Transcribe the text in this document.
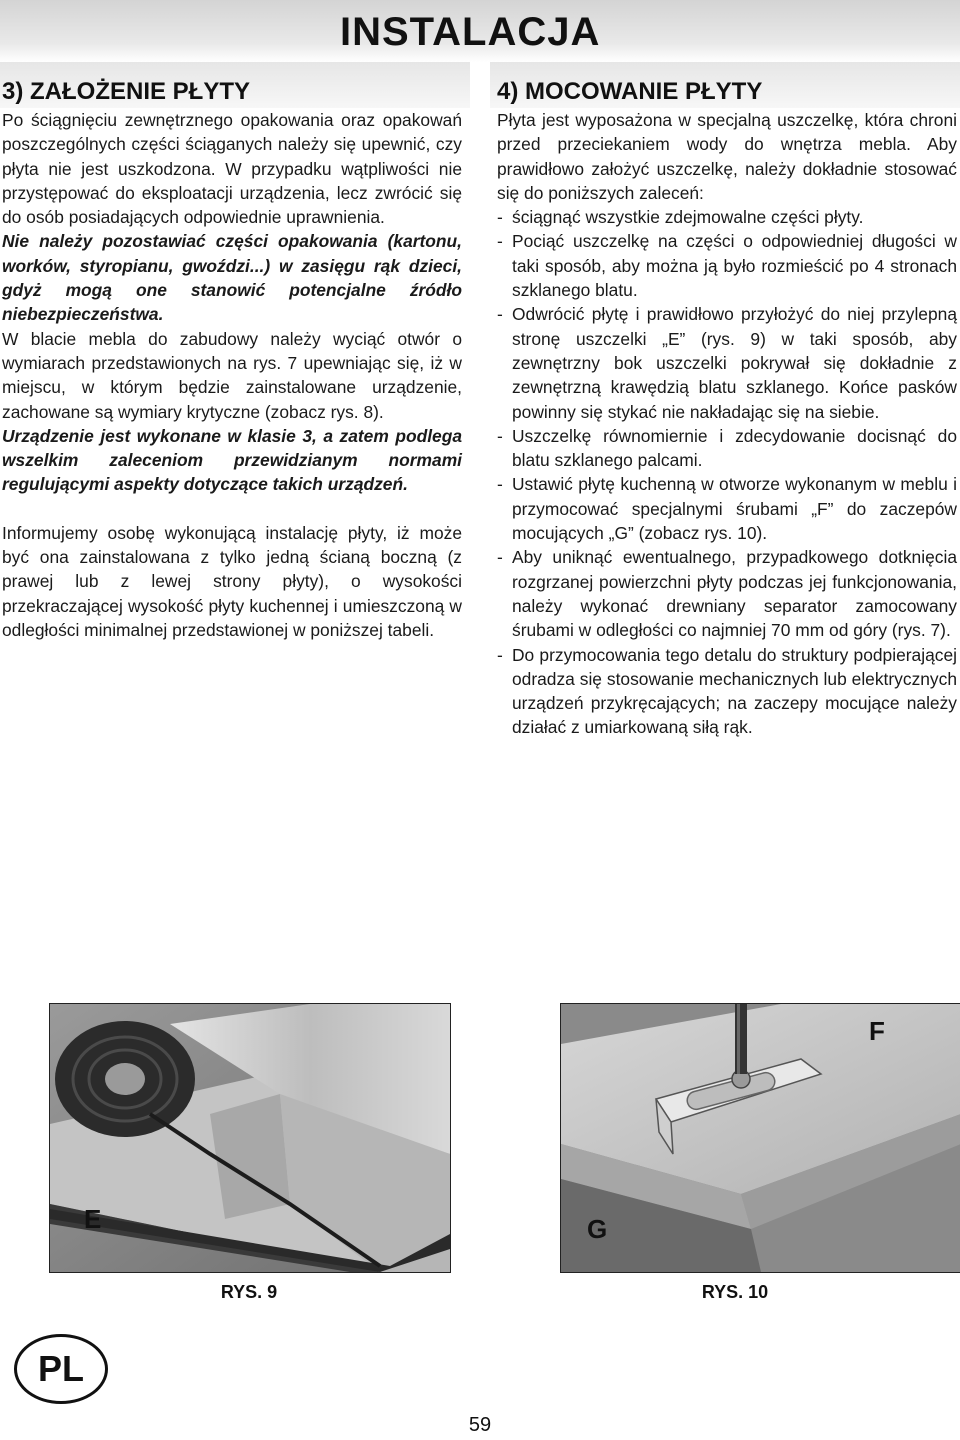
INSTALACJA
3) ZAŁOŻENIE PŁYTY	4) MOCOWANIE PŁYTY

Po ściągnięciu zewnętrznego opakowania oraz opakowań poszczególnych części ściąganych należy się upewnić, czy płyta nie jest uszkodzona. W przypadku wątpliwości nie przystępować do eksploatacji urządzenia, lecz zwrócić się do osób posiadających odpowiednie uprawnienia.

Nie należy pozostawiać części opakowania (kartonu, worków, styropianu, gwoździ...) w zasięgu rąk dzieci, gdyż mogą one stanowić potencjalne źródło niebezpieczeństwa.

W blacie mebla do zabudowy należy wyciąć otwór o wymiarach przedstawionych na rys. 7 upewniając się, iż w miejscu, w którym będzie zainstalowane urządzenie, zachowane są wymiary krytyczne (zobacz rys. 8).

Urządzenie jest wykonane w klasie 3, a zatem podlega wszelkim zaleceniom przewidzianym normami regulującymi aspekty dotyczące takich urządzeń.

Informujemy osobę wykonującą instalację płyty, iż może być ona zainstalowana z tylko jedną ścianą boczną (z prawej lub z lewej strony płyty), o wysokości przekraczającej wysokość płyty kuchennej i umieszczoną w odległości minimalnej przedstawionej w poniższej tabeli.

Płyta jest wyposażona w specjalną uszczelkę, która chroni przed przeciekaniem wody do wnętrza mebla. Aby prawidłowo założyć uszczelkę, należy dokładnie stosować się do poniższych zaleceń:

- ściągnąć wszystkie zdejmowalne części płyty.
- Pociąć uszczelkę na części o odpowiedniej długości w taki sposób, aby można ją było rozmieścić po 4 stronach szklanego blatu.
- Odwrócić płytę i prawidłowo przyłożyć do niej przylepną stronę uszczelki „E” (rys. 9) w taki sposób, aby zewnętrzny bok uszczelki pokrywał się dokładnie z zewnętrzną krawędzią blatu szklanego. Końce pasków powinny się stykać nie nakładając się na siebie.
- Uszczelkę równomiernie i zdecydowanie docisnąć do blatu szklanego palcami.
- Ustawić płytę kuchenną w otworze wykonanym w meblu i przymocować specjalnymi śrubami „F” do zaczepów mocujących „G” (zobacz rys. 10).
- Aby uniknąć ewentualnego, przypadkowego dotknięcia rozgrzanej powierzchni płyty podczas jej funkcjonowania, należy wykonać drewniany separator zamocowany śrubami w odległości co najmniej 70 mm od góry (rys. 7).
- Do przymocowania tego detalu do struktury podpierającej odradza się stosowanie mechanicznych lub elektrycznych urządzeń przykręcających; na zaczepy mocujące należy działać z umiarkowaną siłą rąk.
E
RYS. 9
F
G
RYS. 10
PL
59
